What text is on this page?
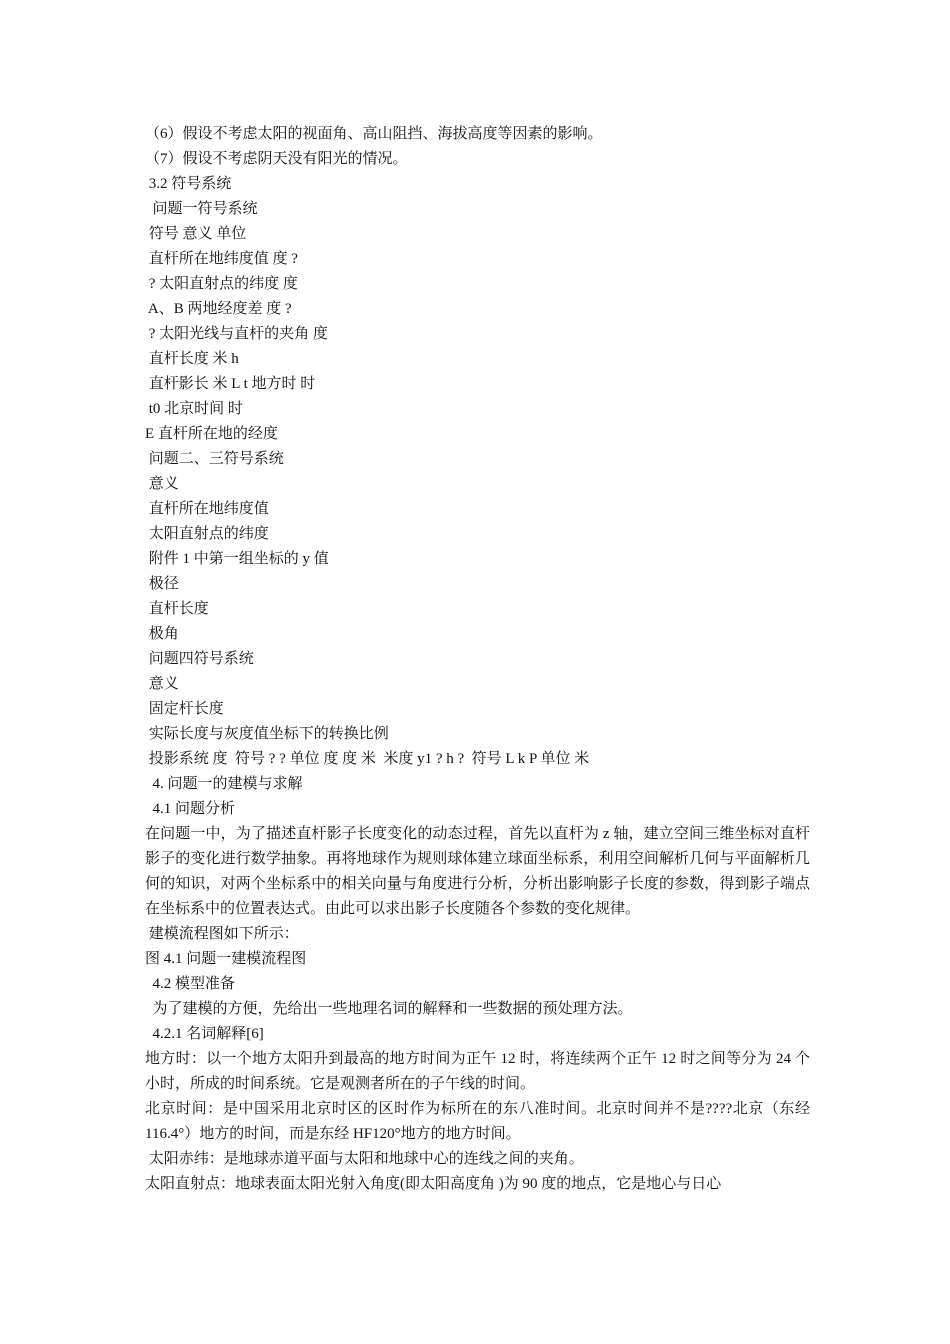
（6）假设不考虑太阳的视面角、高山阻挡、海拔高度等因素的影响。
（7）假设不考虑阴天没有阳光的情况。
3.2 符号系统
问题一符号系统
符号 意义 单位
直杆所在地纬度值 度 ?
? 太阳直射点的纬度 度
A、B 两地经度差 度 ?
? 太阳光线与直杆的夹角 度
直杆长度 米 h
直杆影长 米 L t 地方时 时
t0 北京时间 时
E 直杆所在地的经度
问题二、三符号系统
意义
直杆所在地纬度值
太阳直射点的纬度
附件 1 中第一组坐标的 y 值
极径
直杆长度
极角
问题四符号系统
意义
固定杆长度
实际长度与灰度值坐标下的转换比例
投影系统 度  符号 ? ? 单位 度 度 米  米度 y1 ? h ?  符号 L k P 单位 米
4. 问题一的建模与求解
4.1 问题分析
在问题一中，为了描述直杆影子长度变化的动态过程，首先以直杆为 z 轴，建立空间三维坐标对直杆影子的变化进行数学抽象。再将地球作为规则球体建立球面坐标系，利用空间解析几何与平面解析几何的知识，对两个坐标系中的相关向量与角度进行分析，分析出影响影子长度的参数，得到影子端点在坐标系中的位置表达式。由此可以求出影子长度随各个参数的变化规律。
建模流程图如下所示：
图 4.1 问题一建模流程图
4.2 模型准备
为了建模的方便，先给出一些地理名词的解释和一些数据的预处理方法。
4.2.1 名词解释[6]
地方时：以一个地方太阳升到最高的地方时间为正午 12 时，将连续两个正午 12 时之间等分为 24 个小时，所成的时间系统。它是观测者所在的子午线的时间。
北京时间：是中国采用北京时区的区时作为标所在的东八准时间。北京时间并不是????北京（东经 116.4°）地方的时间，而是东经 HF120°地方的地方时间。
太阳赤纬：是地球赤道平面与太阳和地球中心的连线之间的夹角。
太阳直射点：地球表面太阳光射入角度(即太阳高度角 )为 90 度的地点，它是地心与日心
